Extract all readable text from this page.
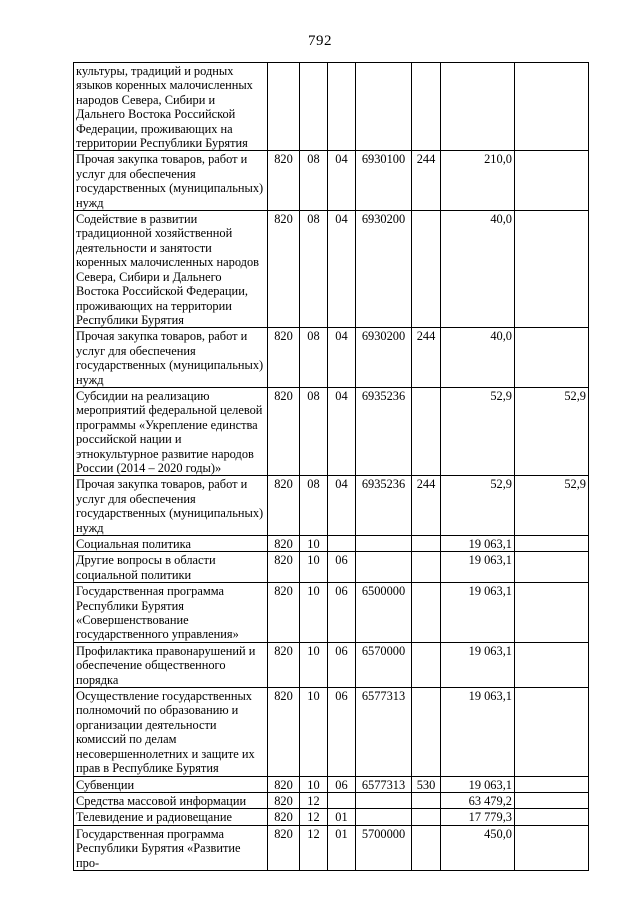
792
культуры, традиций и родных языков коренных малочисленных народов Севера, Сибири и Дальнего Востока Российской Федерации, проживающих на территории Республики Бурятия							
Прочая закупка товаров, работ и услуг для обеспечения государственных (муниципальных) нужд	820	08	04	6930100	244	210,0	
Содействие в развитии традиционной хозяйственной деятельности и занятости коренных малочисленных народов Севера, Сибири и Дальнего Востока Российской Федерации, проживающих на территории Республики Бурятия	820	08	04	6930200		40,0	
Прочая закупка товаров, работ и услуг для обеспечения государственных (муниципальных) нужд	820	08	04	6930200	244	40,0	
Субсидии на реализацию мероприятий федеральной целевой программы «Укрепление единства российской нации и этнокультурное развитие народов России (2014 – 2020 годы)»	820	08	04	6935236		52,9	52,9
Прочая закупка товаров, работ и услуг для обеспечения государственных (муниципальных) нужд	820	08	04	6935236	244	52,9	52,9
Социальная политика	820	10				19 063,1	
Другие вопросы в области социальной политики	820	10	06			19 063,1	
Государственная программа Республики Бурятия «Совершенствование государственного управления»	820	10	06	6500000		19 063,1	
Профилактика правонарушений и обеспечение общественного порядка	820	10	06	6570000		19 063,1	
Осуществление государственных полномочий по образованию и организации деятельности комиссий по делам несовершеннолетних и защите их прав в Республике Бурятия	820	10	06	6577313		19 063,1	
Субвенции	820	10	06	6577313	530	19 063,1	
Средства массовой информации	820	12				63 479,2	
Телевидение и радиовещание	820	12	01			17 779,3	
Государственная программа Республики Бурятия «Развитие про-	820	12	01	5700000		450,0	
